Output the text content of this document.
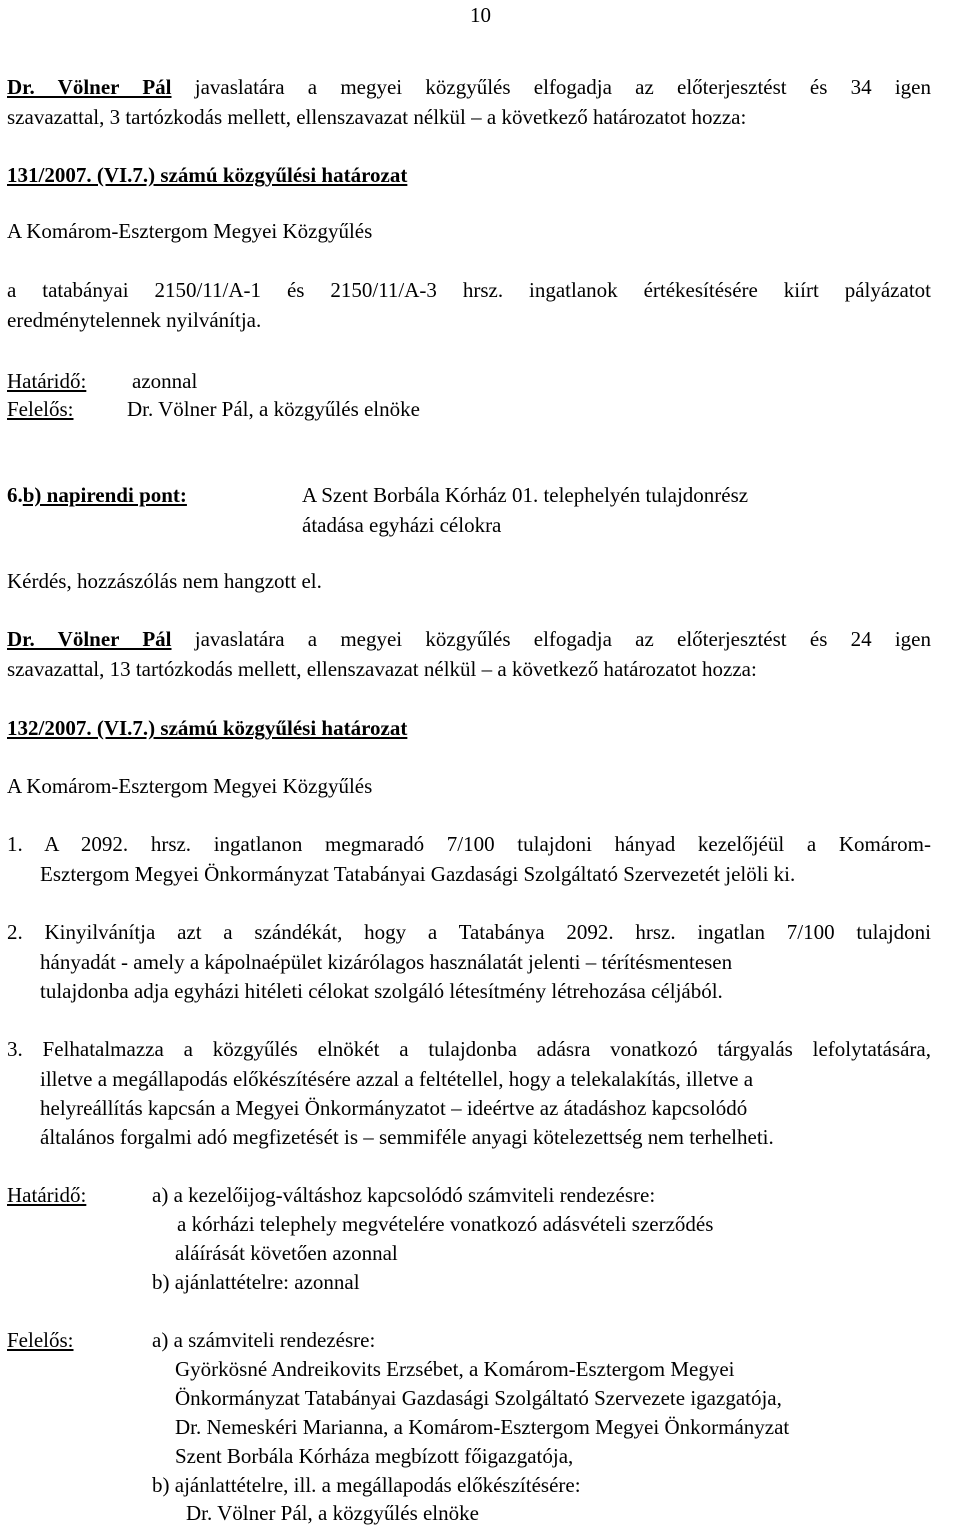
10
Dr. Völner Pál javaslatára a megyei közgyűlés elfogadja az előterjesztést és 34 igen
szavazattal, 3 tartózkodás mellett, ellenszavazat nélkül – a következő határozatot hozza:
131/2007. (VI.7.) számú közgyűlési határozat
A Komárom-Esztergom Megyei Közgyűlés
a tatabányai 2150/11/A-1 és 2150/11/A-3 hrsz. ingatlanok értékesítésére kiírt pályázatot
eredménytelennek nyilvánítja.
Határidő: azonnal
Felelős:	Dr. Völner Pál, a közgyűlés elnöke
6.b) napirendi pont:	A Szent Borbála Kórház 01. telephelyén tulajdonrész
átadása egyházi célokra
Kérdés, hozzászólás nem hangzott el.
Dr. Völner Pál javaslatára a megyei közgyűlés elfogadja az előterjesztést és 24 igen
szavazattal, 13 tartózkodás mellett, ellenszavazat nélkül – a következő határozatot hozza:
132/2007. (VI.7.) számú közgyűlési határozat
A Komárom-Esztergom Megyei Közgyűlés
1. A 2092. hrsz. ingatlanon megmaradó 7/100 tulajdoni hányad kezelőjéül a Komárom-
Esztergom Megyei Önkormányzat Tatabányai Gazdasági Szolgáltató Szervezetét jelöli ki.
2. Kinyilvánítja azt a szándékát, hogy a Tatabánya 2092. hrsz. ingatlan 7/100 tulajdoni
hányadát - amely a kápolnaépület kizárólagos használatát jelenti – térítésmentesen
tulajdonba adja egyházi hitéleti célokat szolgáló létesítmény létrehozása céljából.
3. Felhatalmazza a közgyűlés elnökét a tulajdonba adásra vonatkozó tárgyalás lefolytatására,
illetve a megállapodás előkészítésére azzal a feltétellel, hogy a telekalakítás, illetve a
helyreállítás kapcsán a Megyei Önkormányzatot – ideértve az átadáshoz kapcsolódó
általános forgalmi adó megfizetését is – semmiféle anyagi kötelezettség nem terhelheti.
Határidő:	a) a kezelőijog-váltáshoz kapcsolódó számviteli rendezésre:
a kórházi telephely megvételére vonatkozó adásvételi szerződés
aláírását követően azonnal
b) ajánlattételre: azonnal
Felelős:	a) a számviteli rendezésre:
Györkösné Andreikovits Erzsébet, a Komárom-Esztergom Megyei
Önkormányzat Tatabányai Gazdasági Szolgáltató Szervezete igazgatója,
Dr. Nemeskéri Marianna, a Komárom-Esztergom Megyei Önkormányzat
Szent Borbála Kórháza megbízott főigazgatója,
b) ajánlattételre, ill. a megállapodás előkészítésére:
Dr. Völner Pál, a közgyűlés elnöke
